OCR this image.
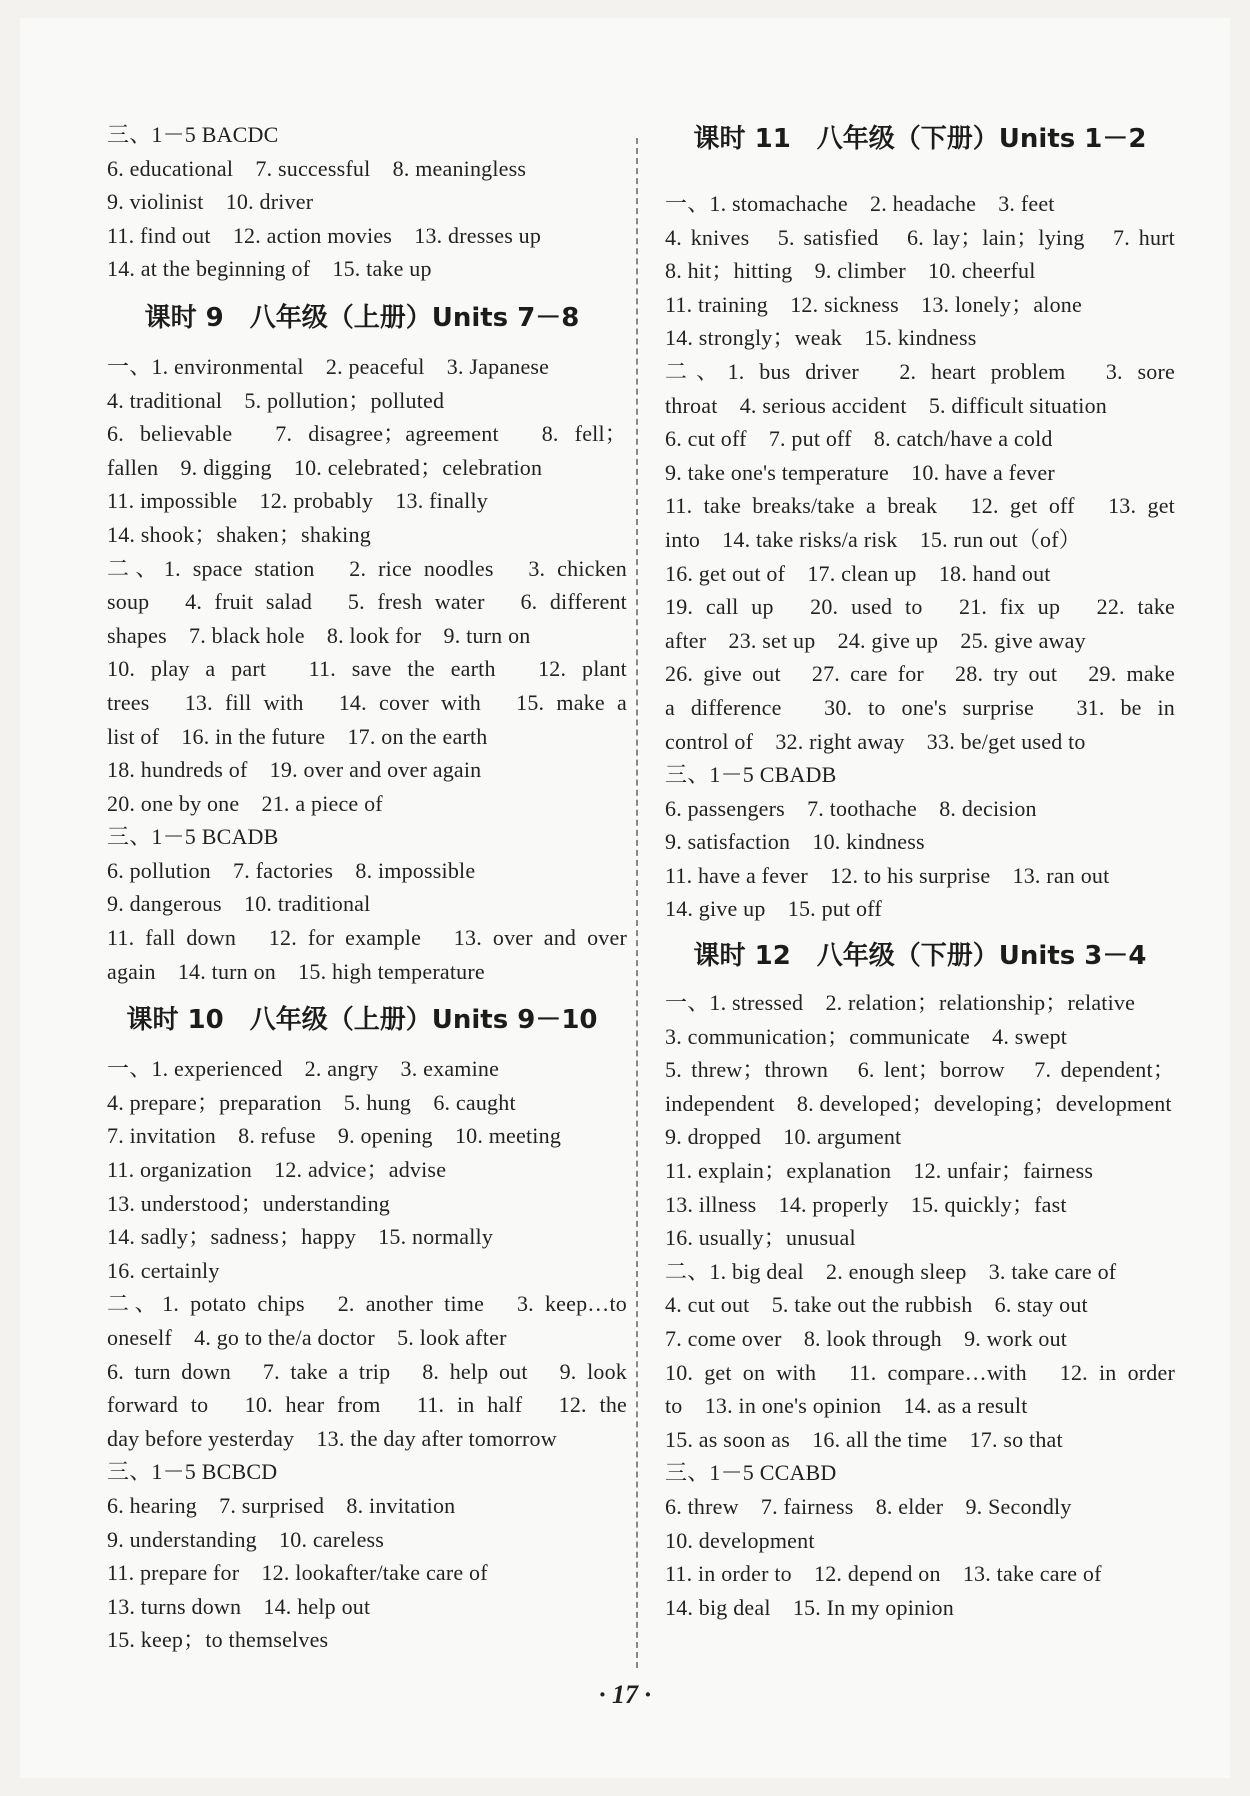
三、1－5 BACDC
6. educational　7. successful　8. meaningless
9. violinist　10. driver
11. find out　12. action movies　13. dresses up
14. at the beginning of　15. take up
课时 9　八年级（上册）Units 7－8
一、1. environmental　2. peaceful　3. Japanese
4. traditional　5. pollution；polluted
6. believable　7. disagree；agreement　8. fell；
fallen　9. digging　10. celebrated；celebration
11. impossible　12. probably　13. finally
14. shook；shaken；shaking
二、1. space station　2. rice noodles　3. chicken
soup　4. fruit salad　5. fresh water　6. different
shapes　7. black hole　8. look for　9. turn on
10. play a part　11. save the earth　12. plant
trees　13. fill with　14. cover with　15. make a
list of　16. in the future　17. on the earth
18. hundreds of　19. over and over again
20. one by one　21. a piece of
三、1－5 BCADB
6. pollution　7. factories　8. impossible
9. dangerous　10. traditional
11. fall down　12. for example　13. over and over
again　14. turn on　15. high temperature
课时 10　八年级（上册）Units 9－10
一、1. experienced　2. angry　3. examine
4. prepare；preparation　5. hung　6. caught
7. invitation　8. refuse　9. opening　10. meeting
11. organization　12. advice；advise
13. understood；understanding
14. sadly；sadness；happy　15. normally
16. certainly
二、1. potato chips　2. another time　3. keep…to
oneself　4. go to the/a doctor　5. look after
6. turn down　7. take a trip　8. help out　9. look
forward to　10. hear from　11. in half　12. the
day before yesterday　13. the day after tomorrow
三、1－5 BCBCD
6. hearing　7. surprised　8. invitation
9. understanding　10. careless
11. prepare for　12. lookafter/take care of
13. turns down　14. help out
15. keep；to themselves
课时 11　八年级（下册）Units 1－2
一、1. stomachache　2. headache　3. feet
4. knives　5. satisfied　6. lay；lain；lying　7. hurt
8. hit；hitting　9. climber　10. cheerful
11. training　12. sickness　13. lonely；alone
14. strongly；weak　15. kindness
二、1. bus driver　2. heart problem　3. sore
throat　4. serious accident　5. difficult situation
6. cut off　7. put off　8. catch/have a cold
9. take one's temperature　10. have a fever
11. take breaks/take a break　12. get off　13. get
into　14. take risks/a risk　15. run out（of）
16. get out of　17. clean up　18. hand out
19. call up　20. used to　21. fix up　22. take
after　23. set up　24. give up　25. give away
26. give out　27. care for　28. try out　29. make
a difference　30. to one's surprise　31. be in
control of　32. right away　33. be/get used to
三、1－5 CBADB
6. passengers　7. toothache　8. decision
9. satisfaction　10. kindness
11. have a fever　12. to his surprise　13. ran out
14. give up　15. put off
课时 12　八年级（下册）Units 3－4
一、1. stressed　2. relation；relationship；relative
3. communication；communicate　4. swept
5. threw；thrown　6. lent；borrow　7. dependent；
independent　8. developed；developing；development
9. dropped　10. argument
11. explain；explanation　12. unfair；fairness
13. illness　14. properly　15. quickly；fast
16. usually；unusual
二、1. big deal　2. enough sleep　3. take care of
4. cut out　5. take out the rubbish　6. stay out
7. come over　8. look through　9. work out
10. get on with　11. compare…with　12. in order
to　13. in one's opinion　14. as a result
15. as soon as　16. all the time　17. so that
三、1－5 CCABD
6. threw　7. fairness　8. elder　9. Secondly
10. development
11. in order to　12. depend on　13. take care of
14. big deal　15. In my opinion
· 17 ·
